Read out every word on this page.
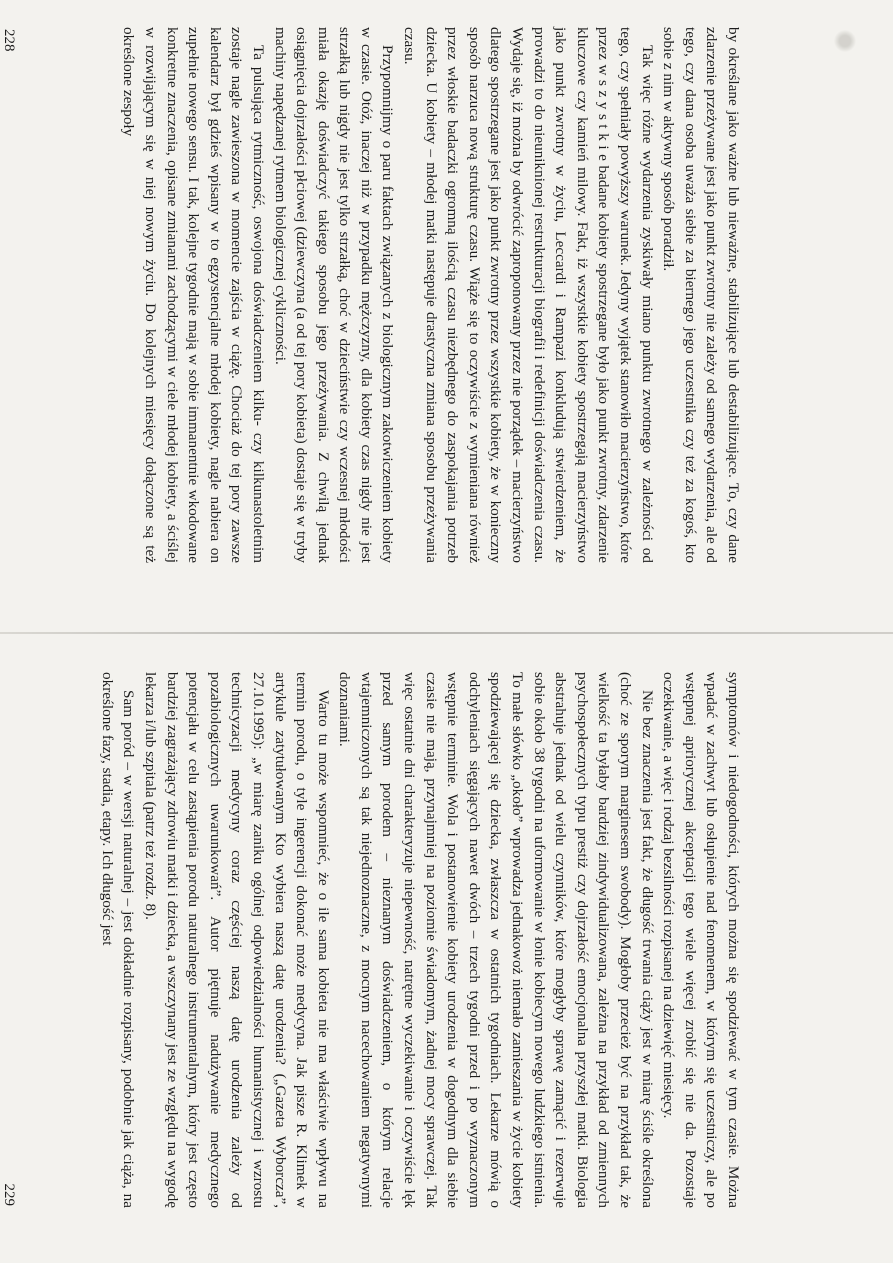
by określane jako ważne lub nieważne, stabilizujące lub destabilizujące. To, czy dane zdarzenie przeżywane jest jako punkt zwrotny nie zależy od samego wydarzenia, ale od tego, czy dana osoba uważa siebie za biernego jego uczestnika czy też za kogoś, kto sobie z nim w aktywny sposób poradził.

Tak więc różne wydarzenia zyskiwały miano punktu zwrotnego w zależności od tego, czy spełniały powyższy warunek. Jedyny wyjątek stanowiło macierzyństwo, które przez w s z y s t k i e badane kobiety spostrzegane było jako punkt zwrotny, zdarzenie kluczowe czy kamień milowy. Fakt, iż wszystkie kobiety spostrzegają macierzyństwo jako punkt zwrotny w życiu, Leccardi i Rampazi konkludują stwierdzeniem, że prowadzi to do nieuniknionej restrukturacji biografii i redefinicji doświadczenia czasu. Wydaje się, iż można by odwrócić zaproponowany przez nie porządek – macierzyństwo dlatego spostrzegane jest jako punkt zwrotny przez wszystkie kobiety, że w konieczny sposób narzuca nową strukturę czasu. Wiąże się to oczywiście z wymieniana również przez włoskie badaczki ogromną ilością czasu niezbędnego do zaspokajania potrzeb dziecka. U kobiety – młodej matki następuje drastyczna zmiana sposobu przeżywania czasu.

Przypomnijmy o paru faktach związanych z biologicznym zakotwiczeniem kobiety w czasie. Otóż, inaczej niż w przypadku mężczyzny, dla kobiety czas nigdy nie jest strzałką lub nigdy nie jest tylko strzałką, choć w dzieciństwie czy wczesnej młodości miała okazję doświadczyć takiego sposobu jego przeżywania. Z chwilą jednak osiągnięcia dojrzałości płciowej (dziewczyna (a od tej pory kobieta) dostaje się w tryby machiny napędzanej rytmem biologicznej cykliczności.

Ta pulsująca rytmiczność, oswojona doświadczeniem kilku- czy kilkunastoletnim zostaje nagle zawieszona w momencie zajścia w ciążę. Chociaż do tej pory zawsze kalendarz był gdzieś wpisany w to egzystencjalne młodej kobiety, nagle nabiera on zupełnie nowego sensu. I tak, kolejne tygodnie mają w sobie immanentnie wkodowane konkretne znaczenia, opisane zmianami zachodzącymi w ciele młodej kobiety, a ściślej w rozwijającym się w niej nowym życiu. Do kolejnych miesięcy dołączone są też określone zespoły

228

symptomów i niedogodności, których można się spodziewać w tym czasie. Można wpadać w zachwyt lub osłupienie nad fenomenem, w którym się uczestniczy, ale po wstępnej apriorycznej akceptacji tego wiele więcej zrobić się nie da. Pozostaje oczekiwanie, a więc i rodzaj bezsilności rozpisanej na dziewięć miesięcy.

Nie bez znaczenia jest fakt, że długość trwania ciąży jest w miarę ściśle określona (choć ze sporym marginesem swobody). Mogłoby przecież być na przykład tak, że wielkość ta byłaby bardziej zindywidualizowana, zależna na przykład od zmiennych psychospołecznych typu prestiż czy dojrzałość emocjonalna przyszłej matki. Biologia abstrahuje jednak od wielu czynników, które mogłyby sprawę zamącić i rezerwuje sobie około 38 tygodni na uformowanie w łonie kobiecym nowego ludzkiego istnienia. To małe słówko „około” wprowadza jednakowoż niemało zamieszania w życie kobiety spodziewającej się dziecka, zwłaszcza w ostatnich tygodniach. Lekarze mówią o odchyleniach sięgających nawet dwóch – trzech tygodni przed i po wyznaczonym wstępnie terminie. Wola i postanowienie kobiety urodzenia w dogodnym dla siebie czasie nie mają, przynajmniej na poziomie świadomym, żadnej mocy sprawczej. Tak więc ostatnie dni charakteryzuje niepewność, natrętne wyczekiwanie i oczywiście lęk przed samym porodem – nieznanym doświadczeniem, o którym relacje wtajemniczonych są tak niejednoznaczne, z mocnym nacechowaniem negatywnymi doznaniami.

Warto tu może wspomnieć, że o ile sama kobieta nie ma właściwie wpływu na termin porodu, o tyle ingerencji dokonać może medycyna. Jak pisze R. Klimek w artykule zatytułowanym Kto wybiera naszą datę urodzenia? („Gazeta Wyborcza”, 27.10.1995): „w miarę zaniku ogólnej odpowiedzialności humanistycznej i wzrostu technicyzacji medycyny coraz częściej naszą datę urodzenia zależy od pozabiologicznych uwarunkowań”. Autor piętnuje nadużywanie medycznego potencjału w celu zastąpienia porodu naturalnego instrumentalnym, który jest często bardziej zagrażający zdrowiu matki i dziecka, a wszczynany jest ze względu na wygodę lekarza i/lub szpitala (patrz też rozdz. 8).

Sam poród – w wersji naturalnej – jest dokładnie rozpisany, podobnie jak ciąża, na określone fazy, stadia, etapy. Ich długość jest

229
